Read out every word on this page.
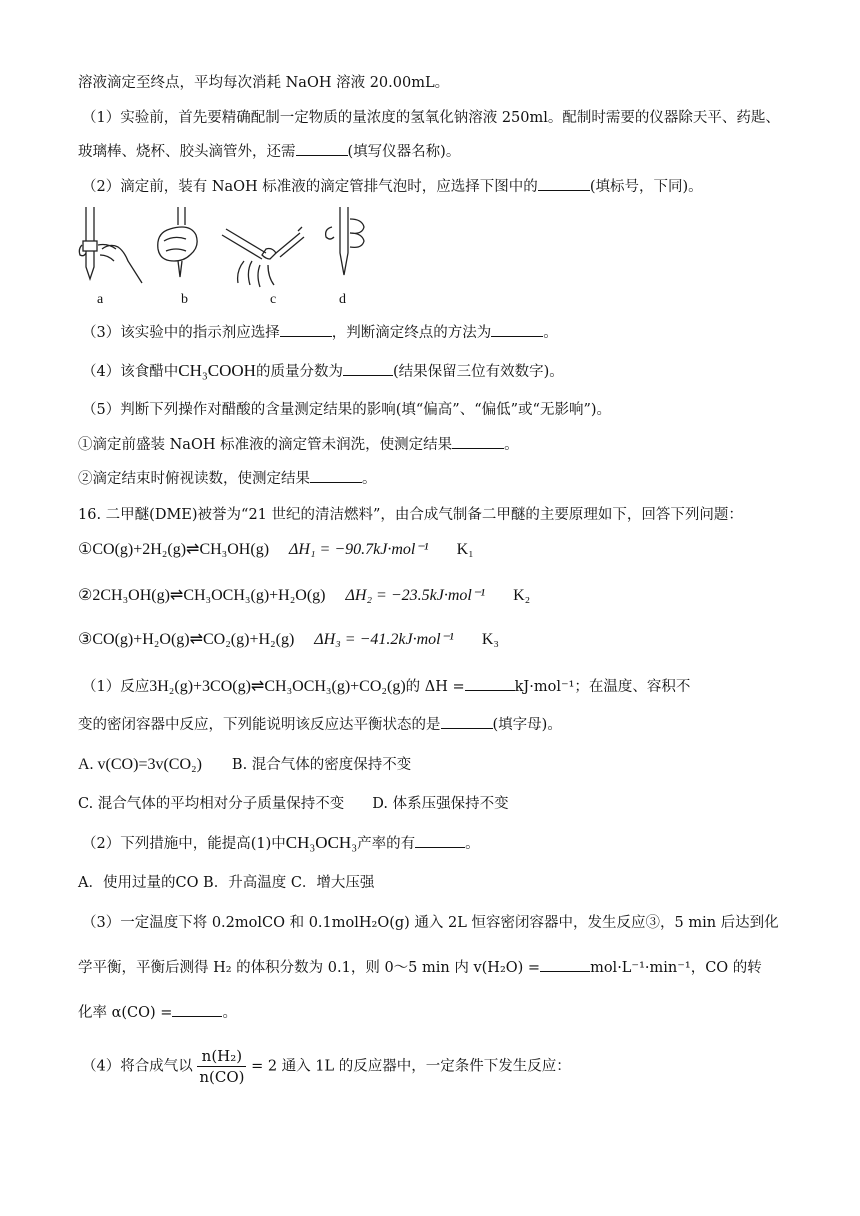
溶液滴定至终点，平均每次消耗 NaOH 溶液 20.00mL。
（1）实验前，首先要精确配制一定物质的量浓度的氢氧化钠溶液 250ml。配制时需要的仪器除天平、药匙、
玻璃棒、烧杯、胶头滴管外，还需	(填写仪器名称)。
（2）滴定前，装有 NaOH 标准液的滴定管排气泡时，应选择下图中的	(填标号，下同)。
a	b	c	d
（3）该实验中的指示剂应选择	，判断滴定终点的方法为	。
（4）该食醋中CH₃COOH的质量分数为	(结果保留三位有效数字)。
（5）判断下列操作对醋酸的含量测定结果的影响(填“偏高”、“偏低”或“无影响”)。
①滴定前盛装 NaOH 标准液的滴定管未润洗，使测定结果	。
②滴定结束时俯视读数，使测定结果	。
16. 二甲醚(DME)被誉为“21 世纪的清洁燃料”，由合成气制备二甲醚的主要原理如下，回答下列问题：
①CO(g)+2H₂(g)⇌CH₃OH(g) ΔH₁ = −90.7kJ·mol⁻¹ K₁
②2CH₃OH(g)⇌CH₃OCH₃(g)+H₂O(g) ΔH₂ = −23.5kJ·mol⁻¹ K₂
③CO(g)+H₂O(g)⇌CO₂(g)+H₂(g) ΔH₃ = −41.2kJ·mol⁻¹ K₃
（1）反应3H₂(g)+3CO(g)⇌CH₃OCH₃(g)+CO₂(g)的 ΔH =	kJ·mol⁻¹；在温度、容积不
变的密闭容器中反应，下列能说明该反应达平衡状态的是	(填字母)。
A. v(CO)=3v(CO₂) B. 混合气体的密度保持不变
C. 混合气体的平均相对分子质量保持不变 D. 体系压强保持不变
（2）下列措施中，能提高(1)中CH₃OCH₃产率的有	。
A．使用过量的CO B．升高温度 C．增大压强
（3）一定温度下将 0.2molCO 和 0.1molH₂O(g) 通入 2L 恒容密闭容器中，发生反应③，5 min 后达到化
学平衡，平衡后测得 H₂ 的体积分数为 0.1，则 0～5 min 内 v(H₂O) =	mol·L⁻¹·min⁻¹，CO 的转
化率 α(CO) =	。
（4）将合成气以 $\frac{\text{n(H₂)}}{n(CO)} = 2$ 通入 1L 的反应器中，一定条件下发生反应：
